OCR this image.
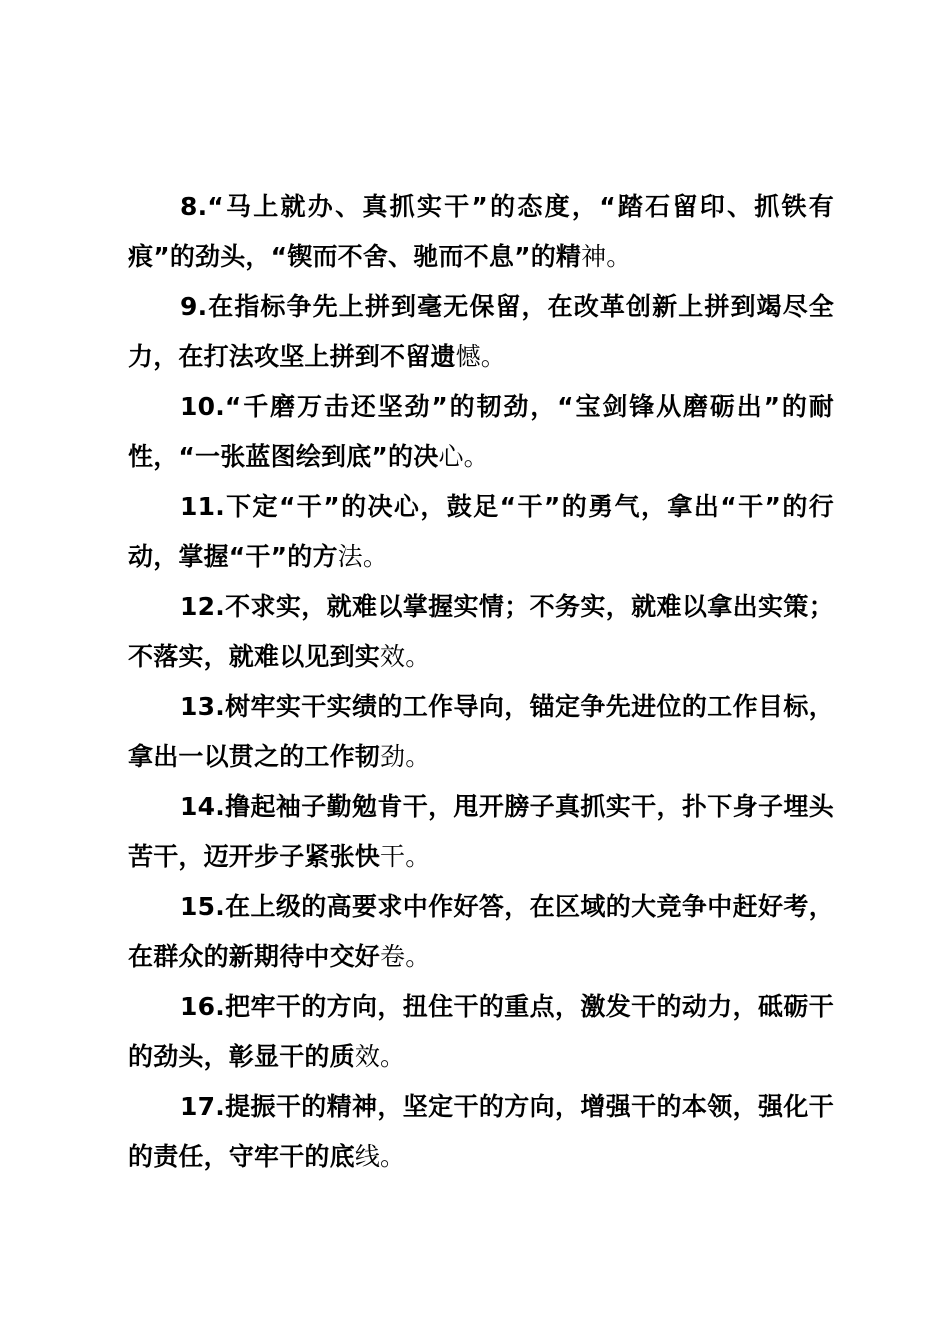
8.“马上就办、真抓实干”的态度，“踏石留印、抓铁有痕”的劲头，“锲而不舍、驰而不息”的精神。

9.在指标争先上拼到毫无保留，在改革创新上拼到竭尽全力，在打法攻坚上拼到不留遗憾。

10.“千磨万击还坚劲”的韧劲，“宝剑锋从磨砺出”的耐性，“一张蓝图绘到底”的决心。

11.下定“干”的决心，鼓足“干”的勇气，拿出“干”的行动，掌握“干”的方法。

12.不求实，就难以掌握实情；不务实，就难以拿出实策；不落实，就难以见到实效。

13.树牢实干实绩的工作导向，锚定争先进位的工作目标，拿出一以贯之的工作韧劲。

14.撸起袖子勤勉肯干，甩开膀子真抓实干，扑下身子埋头苦干，迈开步子紧张快干。

15.在上级的高要求中作好答，在区域的大竞争中赶好考，在群众的新期待中交好卷。

16.把牢干的方向，扭住干的重点，激发干的动力，砥砺干的劲头，彰显干的质效。

17.提振干的精神，坚定干的方向，增强干的本领，强化干的责任，守牢干的底线。
